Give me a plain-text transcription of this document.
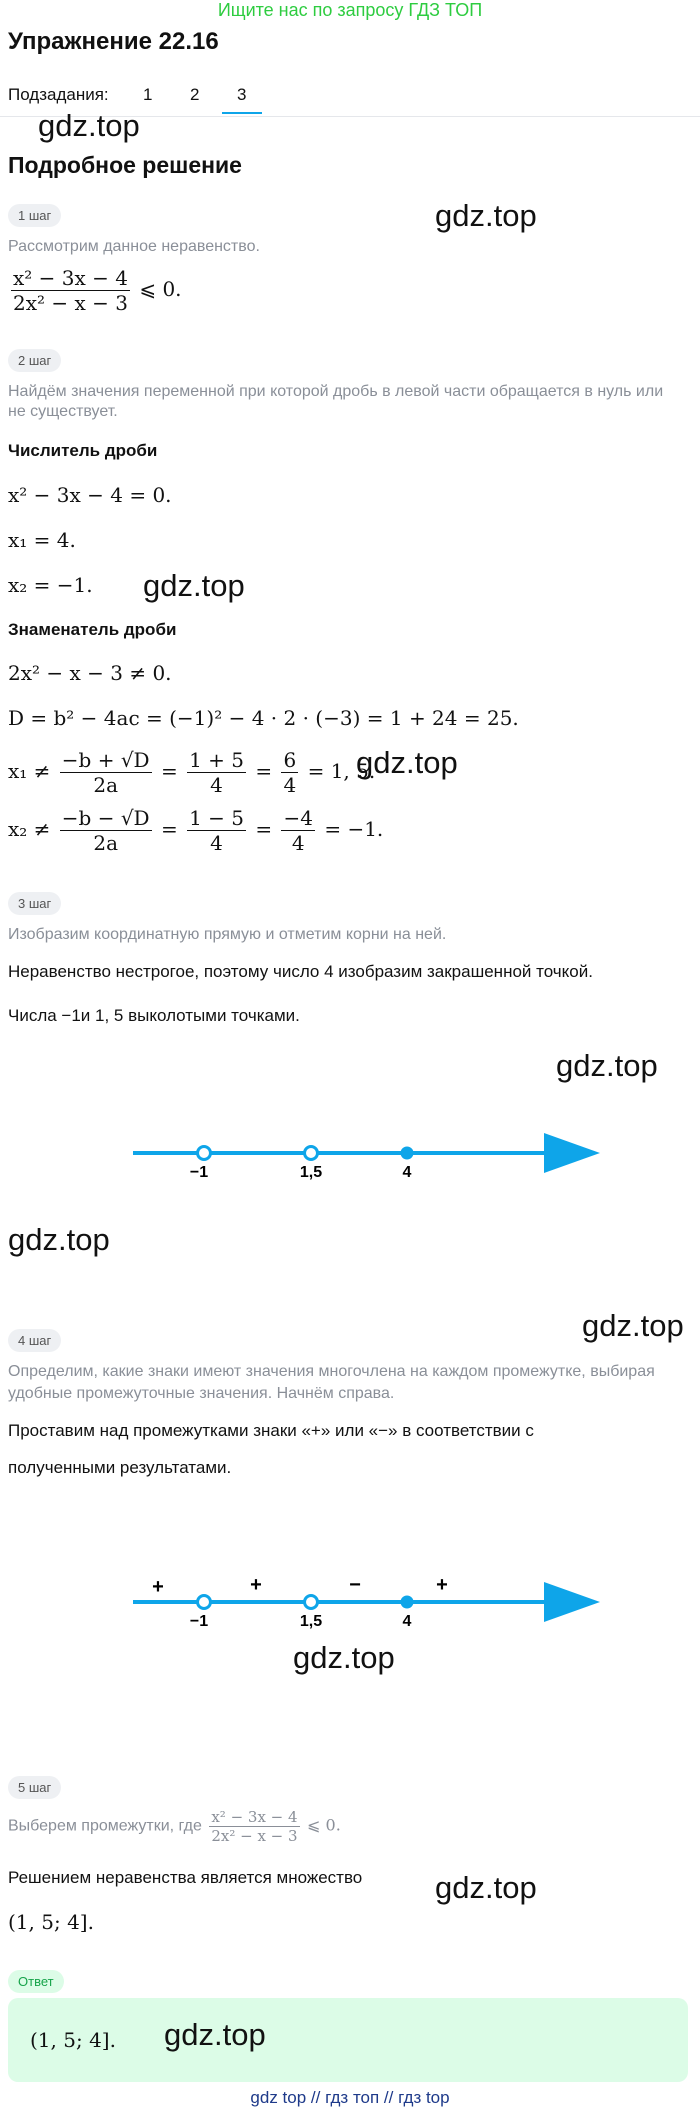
Ищите нас по запросу ГДЗ ТОП
Упражнение 22.16
Подзадания: 1 2 3
gdz.top
Подробное решение
1 шаг	gdz.top
Рассмотрим данное неравенство.
$\frac{\text{x² − 3x − 4}}{\text{2x² − x − 3}}$ ⩽ 0.
2 шаг
Найдём значения переменной при которой дробь в левой части обращается в нуль или
не существует.
Числитель дроби
x² − 3x − 4 = 0.
x₁ = 4.
x₂ = −1. gdz.top
Знаменатель дроби
2x² − x − 3 ≠ 0.
D = b² − 4ac = (−1)² − 4 · 2 · (−3) = 1 + 24 = 25.
$x_1 \ne \frac{-b + √D}{2a} = \frac{1 + 5}{4} = \frac{6}{4} = 1$, 5.
gdz.top
$x_2 \ne \frac{-b - √D}{2a} = \frac{1 - 5}{4} = \frac{-4}{4} = -1$.
3 шаг
Изобразим координатную прямую и отметим корни на ней.
Неравенство нестрогое, поэтому число 4 изобразим закрашенной точкой.
Числа −1и 1, 5 выколотыми точками.
gdz.top
−1	1,5	4
gdz.top
gdz.top
4 шаг
Определим, какие знаки имеют значения многочлена на каждом промежутке, выбирая
удобные промежуточные значения. Начнём справа.
Проставим над промежутками знаки «+» или «−» в соответствии с
полученными результатами.
+	+	−	+
−1	1,5	4
gdz.top
5 шаг
Выберем промежутки, где $\frac{\text{x² − 3x − 4}}{\text{2x² − x − 3}}$ ⩽ 0.
Решением неравенства является множество gdz.top
(1, 5; 4].
Ответ
(1, 5; 4]. gdz.top
gdz top // гдз топ // гдз top
